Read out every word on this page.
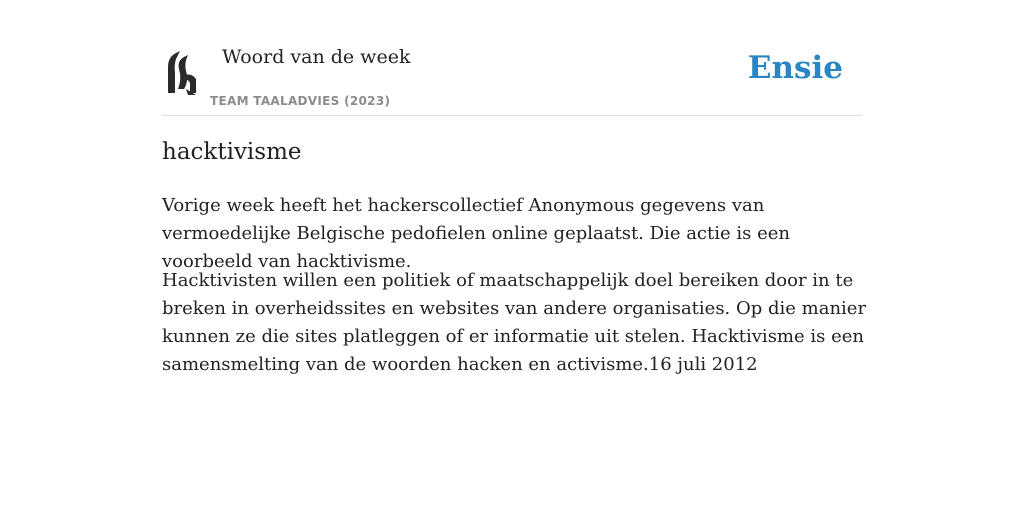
Woord van de week
TEAM TAALADVIES (2023)
Ensie
hacktivisme

Vorige week heeft het hackerscollectief Anonymous gegevens van vermoedelijke Belgische pedofielen online geplaatst. Die actie is een voorbeeld van hacktivisme.

Hacktivisten willen een politiek of maatschappelijk doel bereiken door in te breken in overheidssites en websites van andere organisaties. Op die manier kunnen ze die sites platleggen of er informatie uit stelen. Hacktivisme is een samensmelting van de woorden hacken en activisme.16 juli 2012
